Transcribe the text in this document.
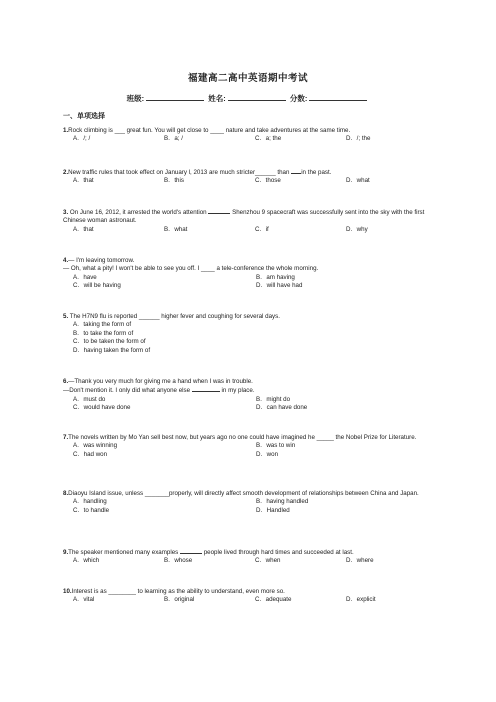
福建高二高中英语期中考试
班级:	姓名:	分数:
一、单项选择
1.Rock climbing is ___ great fun. You will get close to ____ nature and take adventures at the same time.
A．/; /	B．a; /	C．a; the	D．/; the
2.New traffic rules that took effect on January l, 2013 are much stricter______ than in the past.
A．that	B．this	C．those	D．what
3. On June 16, 2012, it arrested the world's attention	Shenzhou 9 spacecraft was successfully sent into the sky with the first Chinese woman astronaut.
A．that	B．what	C．if	D．why
4.— I'm leaving tomorrow.
— Oh, what a pity! I won't be able to see you off. I ____ a tele-conference the whole morning.
A．have	B．am having
C．will be having	D．will have had
5. The H7N9 flu is reported ______ higher fever and coughing for several days.
A．taking the form of
B．to take the form of
C．to be taken the form of
D．having taken the form of
6.—Thank you very much for giving me a hand when I was in trouble.
—Don't mention it. I only did what anyone else	in my place.
A．must do	B．might do
C．would have done	D．can have done
7.The novels written by Mo Yan sell best now, but years ago no one could have imagined he _____ the Nobel Prize for Literature.
A．was winning	B．was to win
C．had won	D．won
8.Diaoyu Island issue, unless _______properly, will directly affect smooth development of relationships between China and Japan.
A．handling	B．having handled
C．to handle	D．Handled
9.The speaker mentioned many examples	people lived through hard times and succeeded at last.
A．which	B．whose	C．when	D．where
10.Interest is as ________ to learning as the ability to understand, even more so.
A．vital	B．original	C．adequate	D．explicit
